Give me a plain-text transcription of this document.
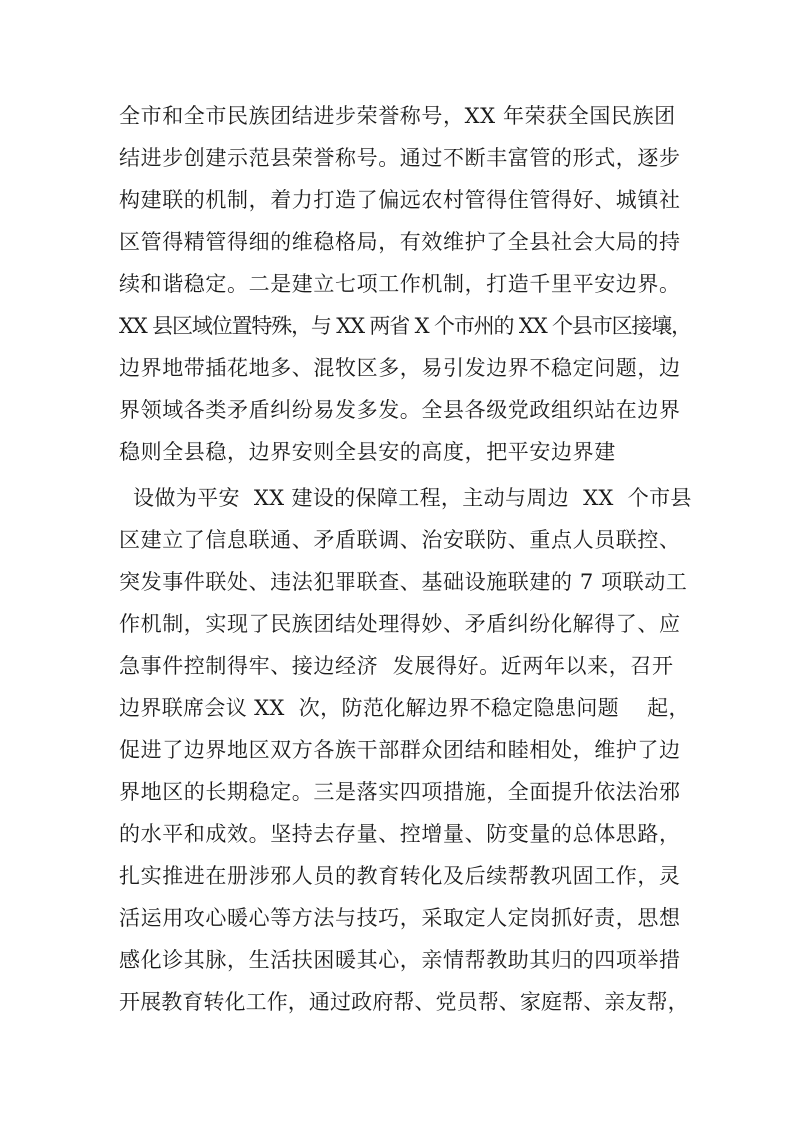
全市和全市民族团结进步荣誉称号，XX 年荣获全国民族团
结进步创建示范县荣誉称号。通过不断丰富管的形式，逐步
构建联的机制，着力打造了偏远农村管得住管得好、城镇社
区管得精管得细的维稳格局，有效维护了全县社会大局的持
续和谐稳定。二是建立七项工作机制，打造千里平安边界。
XX 县区域位置特殊，与 XX 两省 X 个市州的 XX 个县市区接壤，
边界地带插花地多、混牧区多，易引发边界不稳定问题，边
界领域各类矛盾纠纷易发多发。全县各级党政组织站在边界
稳则全县稳，边界安则全县安的高度，把平安边界建
设做为平安  XX 建设的保障工程，主动与周边  XX  个市县
区建立了信息联通、矛盾联调、治安联防、重点人员联控、
突发事件联处、违法犯罪联查、基础设施联建的 7 项联动工
作机制，实现了民族团结处理得妙、矛盾纠纷化解得了、应
急事件控制得牢、接边经济  发展得好。近两年以来，召开
边界联席会议 XX  次，防范化解边界不稳定隐患问题    起，
促进了边界地区双方各族干部群众团结和睦相处，维护了边
界地区的长期稳定。三是落实四项措施，全面提升依法治邪
的水平和成效。坚持去存量、控增量、防变量的总体思路，
扎实推进在册涉邪人员的教育转化及后续帮教巩固工作，灵
活运用攻心暖心等方法与技巧，采取定人定岗抓好责，思想
感化诊其脉，生活扶困暖其心，亲情帮教助其归的四项举措
开展教育转化工作，通过政府帮、党员帮、家庭帮、亲友帮，
